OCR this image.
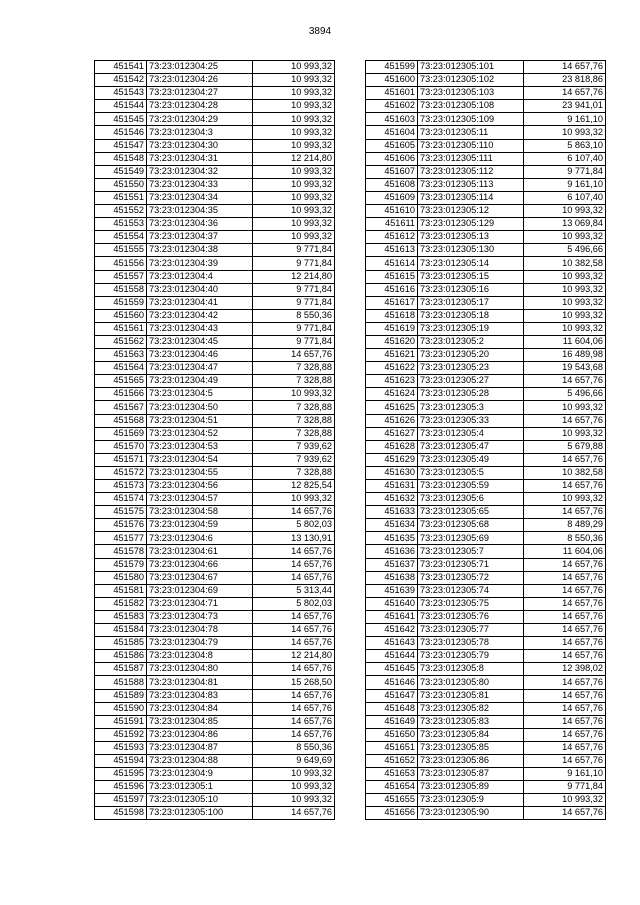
3894
451541	73:23:012304:25	10 993,32
451542	73:23:012304:26	10 993,32
451543	73:23:012304:27	10 993,32
451544	73:23:012304:28	10 993,32
451545	73:23:012304:29	10 993,32
451546	73:23:012304:3	10 993,32
451547	73:23:012304:30	10 993,32
451548	73:23:012304:31	12 214,80
451549	73:23:012304:32	10 993,32
451550	73:23:012304:33	10 993,32
451551	73:23:012304:34	10 993,32
451552	73:23:012304:35	10 993,32
451553	73:23:012304:36	10 993,32
451554	73:23:012304:37	10 993,32
451555	73:23:012304:38	9 771,84
451556	73:23:012304:39	9 771,84
451557	73:23:012304:4	12 214,80
451558	73:23:012304:40	9 771,84
451559	73:23:012304:41	9 771,84
451560	73:23:012304:42	8 550,36
451561	73:23:012304:43	9 771,84
451562	73:23:012304:45	9 771,84
451563	73:23:012304:46	14 657,76
451564	73:23:012304:47	7 328,88
451565	73:23:012304:49	7 328,88
451566	73:23:012304:5	10 993,32
451567	73:23:012304:50	7 328,88
451568	73:23:012304:51	7 328,88
451569	73:23:012304:52	7 328,88
451570	73:23:012304:53	7 939,62
451571	73:23:012304:54	7 939,62
451572	73:23:012304:55	7 328,88
451573	73:23:012304:56	12 825,54
451574	73:23:012304:57	10 993,32
451575	73:23:012304:58	14 657,76
451576	73:23:012304:59	5 802,03
451577	73:23:012304:6	13 130,91
451578	73:23:012304:61	14 657,76
451579	73:23:012304:66	14 657,76
451580	73:23:012304:67	14 657,76
451581	73:23:012304:69	5 313,44
451582	73:23:012304:71	5 802,03
451583	73:23:012304:73	14 657,76
451584	73:23:012304:78	14 657,76
451585	73:23:012304:79	14 657,76
451586	73:23:012304:8	12 214,80
451587	73:23:012304:80	14 657,76
451588	73:23:012304:81	15 268,50
451589	73:23:012304:83	14 657,76
451590	73:23:012304:84	14 657,76
451591	73:23:012304:85	14 657,76
451592	73:23:012304:86	14 657,76
451593	73:23:012304:87	8 550,36
451594	73:23:012304:88	9 649,69
451595	73:23:012304:9	10 993,32
451596	73:23:012305:1	10 993,32
451597	73:23:012305:10	10 993,32
451598	73:23:012305:100	14 657,76
451599	73:23:012305:101	14 657,76
451600	73:23:012305:102	23 818,86
451601	73:23:012305:103	14 657,76
451602	73:23:012305:108	23 941,01
451603	73:23:012305:109	9 161,10
451604	73:23:012305:11	10 993,32
451605	73:23:012305:110	5 863,10
451606	73:23:012305:111	6 107,40
451607	73:23:012305:112	9 771,84
451608	73:23:012305:113	9 161,10
451609	73:23:012305:114	6 107,40
451610	73:23:012305:12	10 993,32
451611	73:23:012305:129	13 069,84
451612	73:23:012305:13	10 993,32
451613	73:23:012305:130	5 496,66
451614	73:23:012305:14	10 382,58
451615	73:23:012305:15	10 993,32
451616	73:23:012305:16	10 993,32
451617	73:23:012305:17	10 993,32
451618	73:23:012305:18	10 993,32
451619	73:23:012305:19	10 993,32
451620	73:23:012305:2	11 604,06
451621	73:23:012305:20	16 489,98
451622	73:23:012305:23	19 543,68
451623	73:23:012305:27	14 657,76
451624	73:23:012305:28	5 496,66
451625	73:23:012305:3	10 993,32
451626	73:23:012305:33	14 657,76
451627	73:23:012305:4	10 993,32
451628	73:23:012305:47	5 679,88
451629	73:23:012305:49	14 657,76
451630	73:23:012305:5	10 382,58
451631	73:23:012305:59	14 657,76
451632	73:23:012305:6	10 993,32
451633	73:23:012305:65	14 657,76
451634	73:23:012305:68	8 489,29
451635	73:23:012305:69	8 550,36
451636	73:23:012305:7	11 604,06
451637	73:23:012305:71	14 657,76
451638	73:23:012305:72	14 657,76
451639	73:23:012305:74	14 657,76
451640	73:23:012305:75	14 657,76
451641	73:23:012305:76	14 657,76
451642	73:23:012305:77	14 657,76
451643	73:23:012305:78	14 657,76
451644	73:23:012305:79	14 657,76
451645	73:23:012305:8	12 398,02
451646	73:23:012305:80	14 657,76
451647	73:23:012305:81	14 657,76
451648	73:23:012305:82	14 657,76
451649	73:23:012305:83	14 657,76
451650	73:23:012305:84	14 657,76
451651	73:23:012305:85	14 657,76
451652	73:23:012305:86	14 657,76
451653	73:23:012305:87	9 161,10
451654	73:23:012305:89	9 771,84
451655	73:23:012305:9	10 993,32
451656	73:23:012305:90	14 657,76
